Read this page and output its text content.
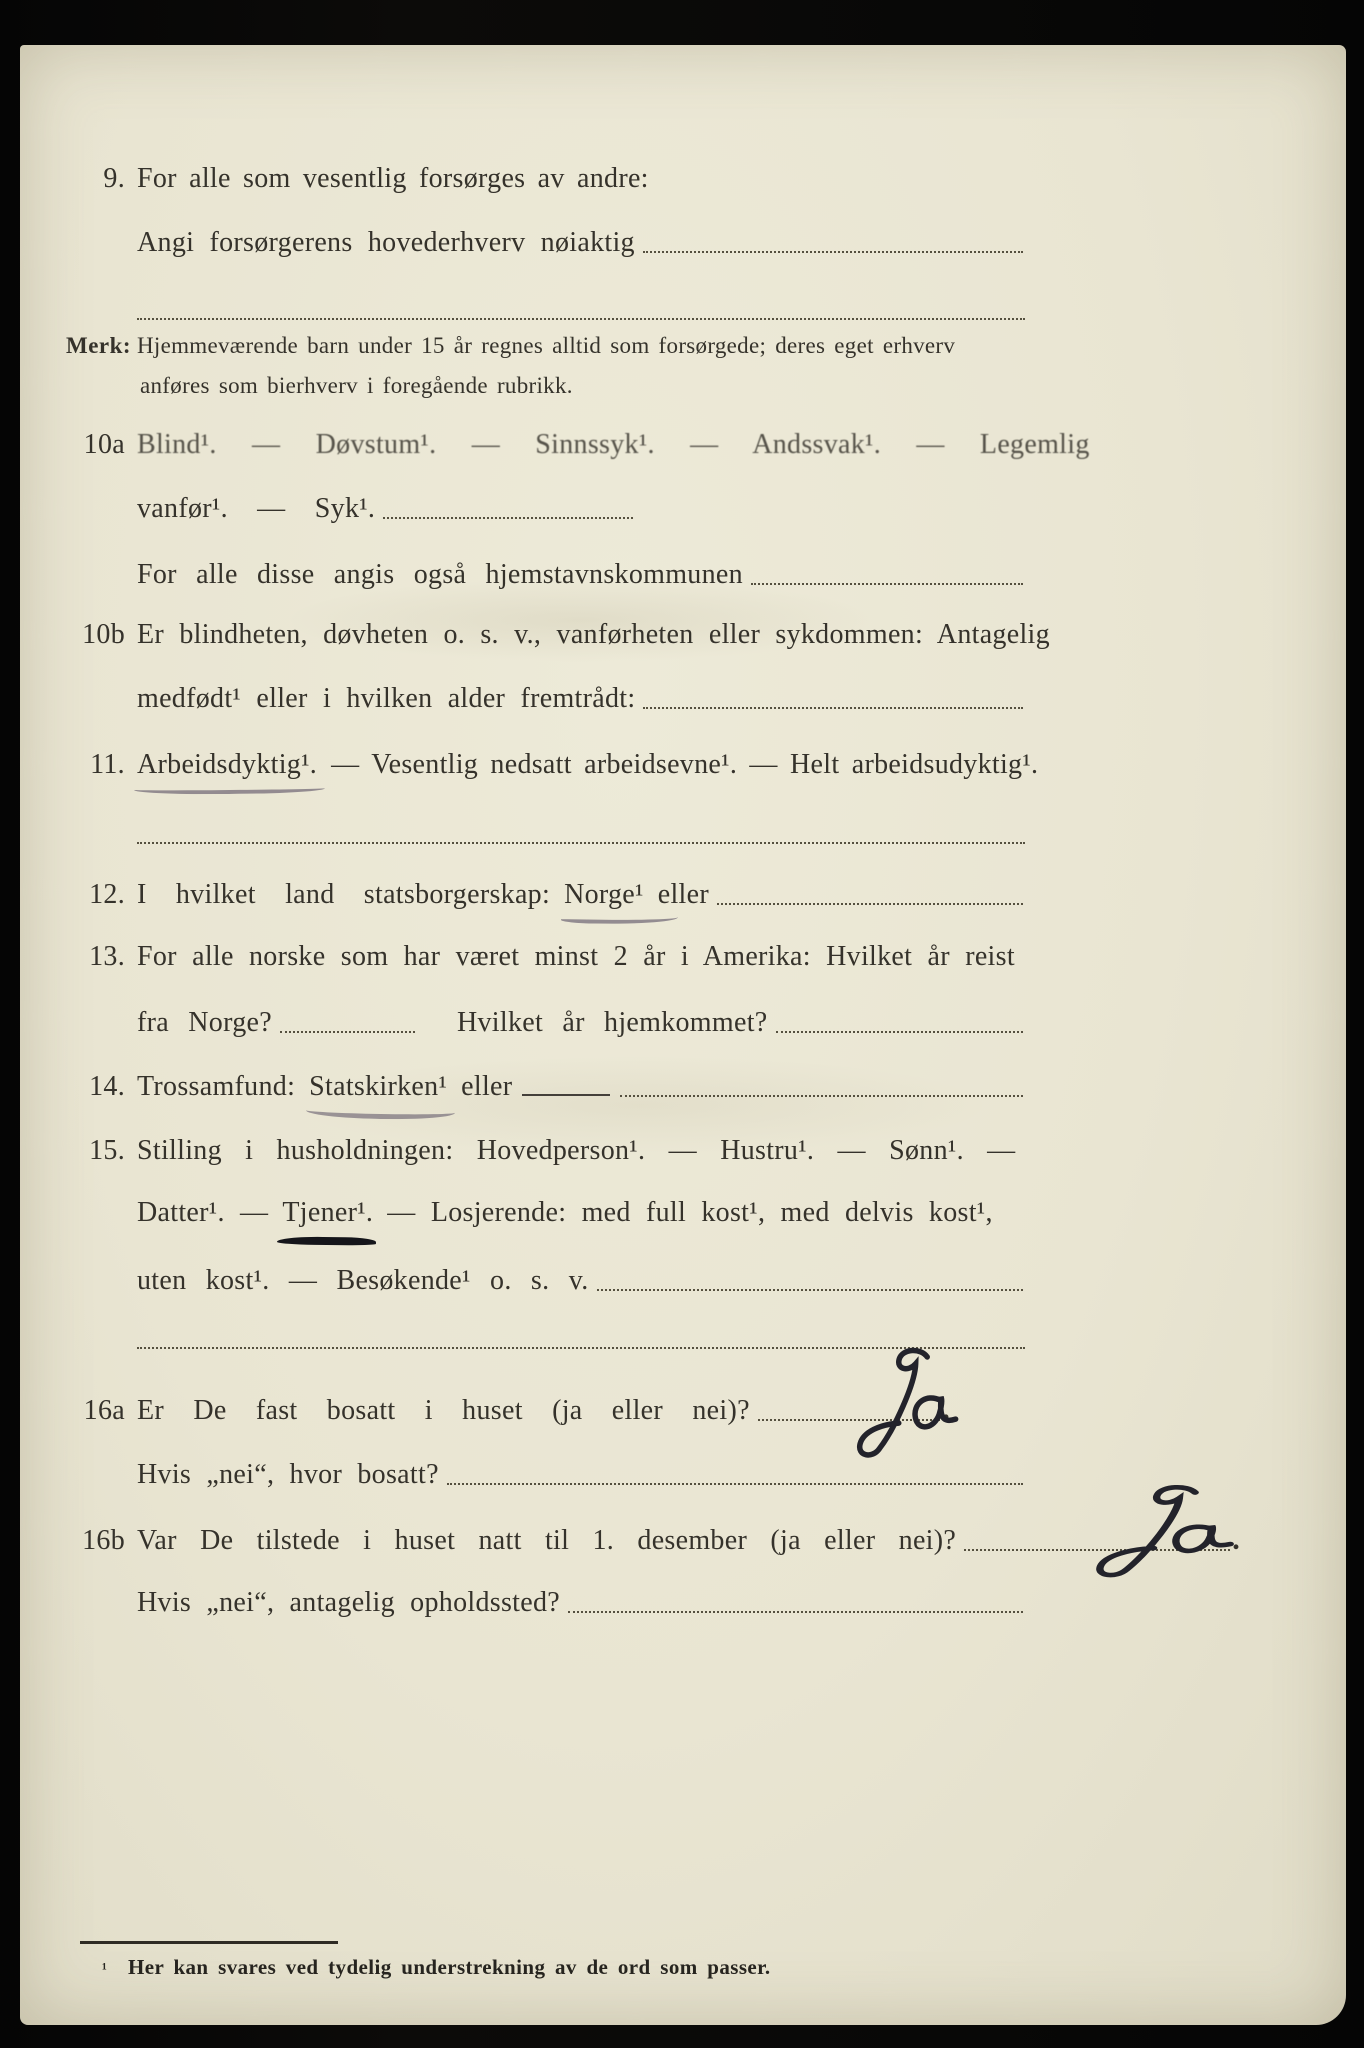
9. For alle som vesentlig forsørges av andre:
Angi forsørgerens hovederhverv nøiaktig
Merk: Hjemmeværende barn under 15 år regnes alltid som forsørgede; deres eget erhverv
anføres som bierhverv i foregående rubrikk.
10a Blind¹. — Døvstum¹. — Sinnssyk¹. — Andssvak¹. — Legemlig
vanfør¹. — Syk¹.
For alle disse angis også hjemstavnskommunen
10b Er blindheten, døvheten o. s. v., vanførheten eller sykdommen: Antagelig
medfødt¹ eller i hvilken alder fremtrådt:
11. Arbeidsdyktig¹. — Vesentlig nedsatt arbeidsevne¹. — Helt arbeidsudyktig¹.
12. I hvilket land statsborgerskap: Norge¹ eller
13. For alle norske som har været minst 2 år i Amerika: Hvilket år reist
fra Norge?	Hvilket år hjemkommet?
14. Trossamfund: Statskirken¹ eller
15. Stilling i husholdningen: Hovedperson¹. — Hustru¹. — Sønn¹. —
Datter¹. — Tjener¹. — Losjerende: med full kost¹, med delvis kost¹,
uten kost¹. — Besøkende¹ o. s. v.
16a Er De fast bosatt i huset (ja eller nei)?	.
Hvis „nei“, hvor bosatt?
16b Var De tilstede i huset natt til 1. desember (ja eller nei)?	.
Hvis „nei“, antagelig opholdssted?
¹ Her kan svares ved tydelig understrekning av de ord som passer.
